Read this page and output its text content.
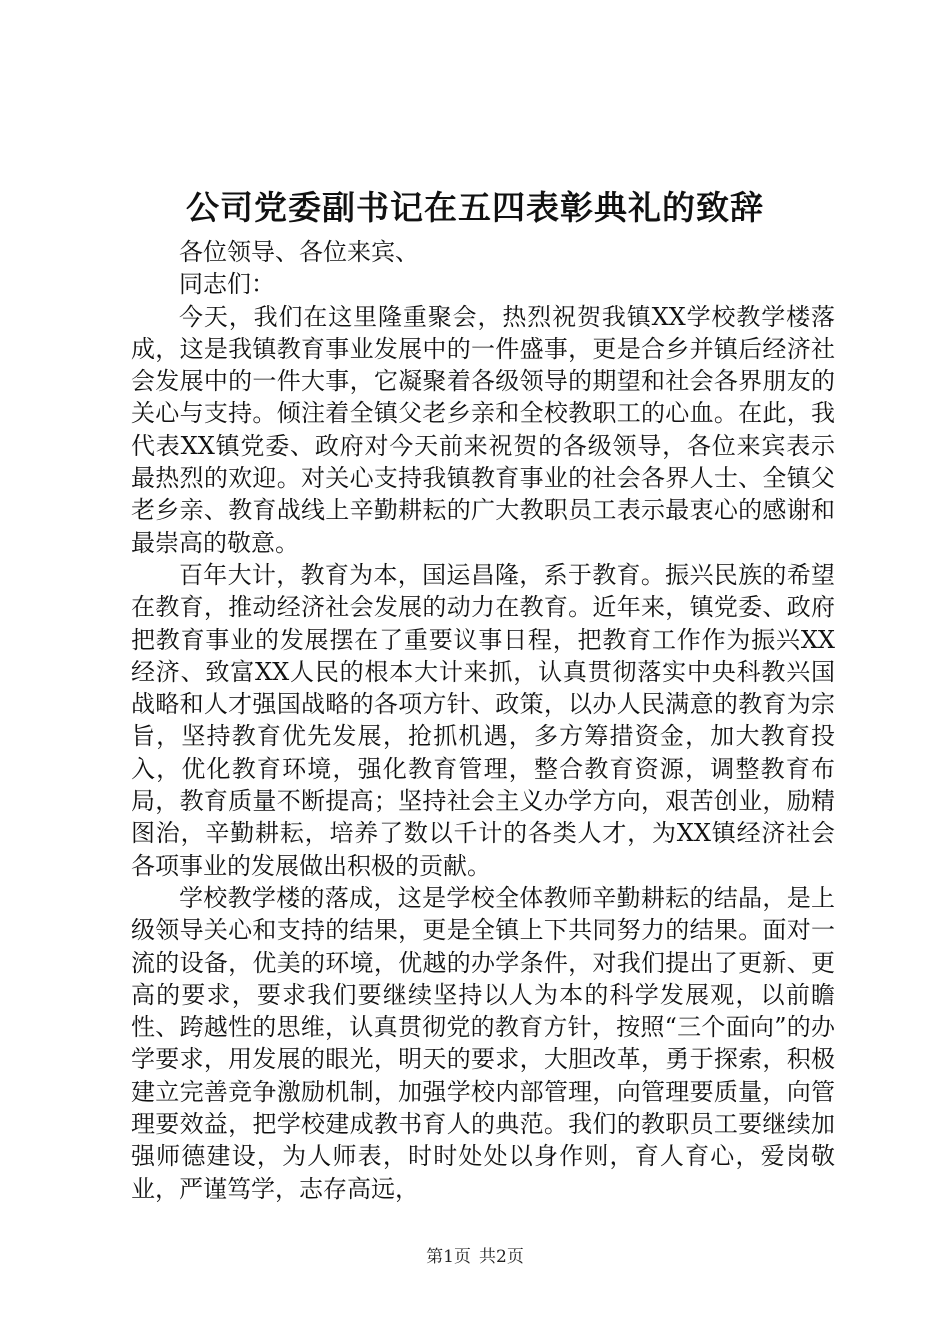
公司党委副书记在五四表彰典礼的致辞

各位领导、各位来宾、

同志们：

今天，我们在这里隆重聚会，热烈祝贺我镇XX学校教学楼落成，这是我镇教育事业发展中的一件盛事，更是合乡并镇后经济社会发展中的一件大事，它凝聚着各级领导的期望和社会各界朋友的关心与支持。倾注着全镇父老乡亲和全校教职工的心血。在此，我代表XX镇党委、政府对今天前来祝贺的各级领导，各位来宾表示最热烈的欢迎。对关心支持我镇教育事业的社会各界人士、全镇父老乡亲、教育战线上辛勤耕耘的广大教职员工表示最衷心的感谢和最崇高的敬意。

百年大计，教育为本，国运昌隆，系于教育。振兴民族的希望在教育，推动经济社会发展的动力在教育。近年来，镇党委、政府把教育事业的发展摆在了重要议事日程，把教育工作作为振兴XX经济、致富XX人民的根本大计来抓，认真贯彻落实中央科教兴国战略和人才强国战略的各项方针、政策，以办人民满意的教育为宗旨，坚持教育优先发展，抢抓机遇，多方筹措资金，加大教育投入，优化教育环境，强化教育管理，整合教育资源，调整教育布局，教育质量不断提高；坚持社会主义办学方向，艰苦创业，励精图治，辛勤耕耘，培养了数以千计的各类人才，为XX镇经济社会各项事业的发展做出积极的贡献。

学校教学楼的落成，这是学校全体教师辛勤耕耘的结晶，是上级领导关心和支持的结果，更是全镇上下共同努力的结果。面对一流的设备，优美的环境，优越的办学条件，对我们提出了更新、更高的要求，要求我们要继续坚持以人为本的科学发展观，以前瞻性、跨越性的思维，认真贯彻党的教育方针，按照“三个面向”的办学要求，用发展的眼光，明天的要求，大胆改革，勇于探索，积极建立完善竞争激励机制，加强学校内部管理，向管理要质量，向管理要效益，把学校建成教书育人的典范。我们的教职员工要继续加强师德建设，为人师表，时时处处以身作则，育人育心，爱岗敬业，严谨笃学，志存高远，

第1页 共2页
